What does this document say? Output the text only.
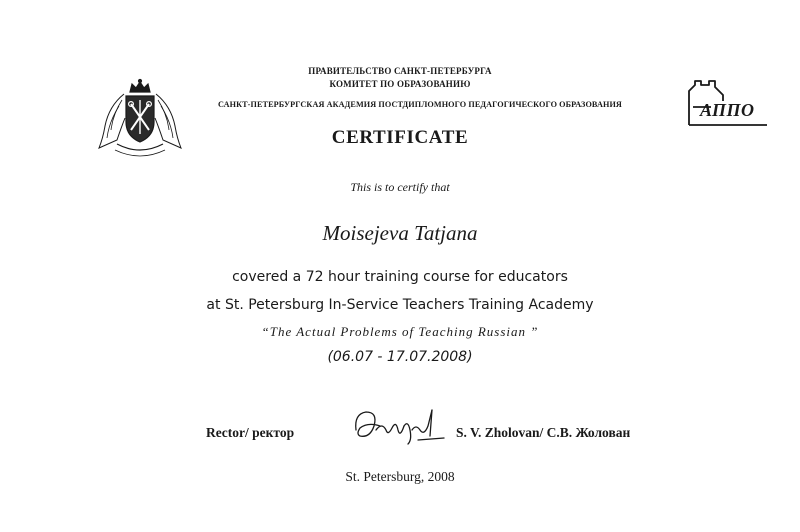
ПРАВИТЕЛЬСТВО САНКТ-ПЕТЕРБУРГА
КОМИТЕТ ПО ОБРАЗОВАНИЮ
САНКТ-ПЕТЕРБУРГСКАЯ АКАДЕМИЯ ПОСТДИПЛОМНОГО ПЕДАГОГИЧЕСКОГО ОБРАЗОВАНИЯ	АППО
CERTIFICATE
This is to certify that
Moisejeva Tatjana
covered a 72 hour training course for educators
at St. Petersburg In-Service Teachers Training Academy
“The Actual Problems of Teaching Russian ”
(06.07 - 17.07.2008)
Rector/ ректор	S. V. Zholovan/ С.В. Жолован
St. Petersburg, 2008
